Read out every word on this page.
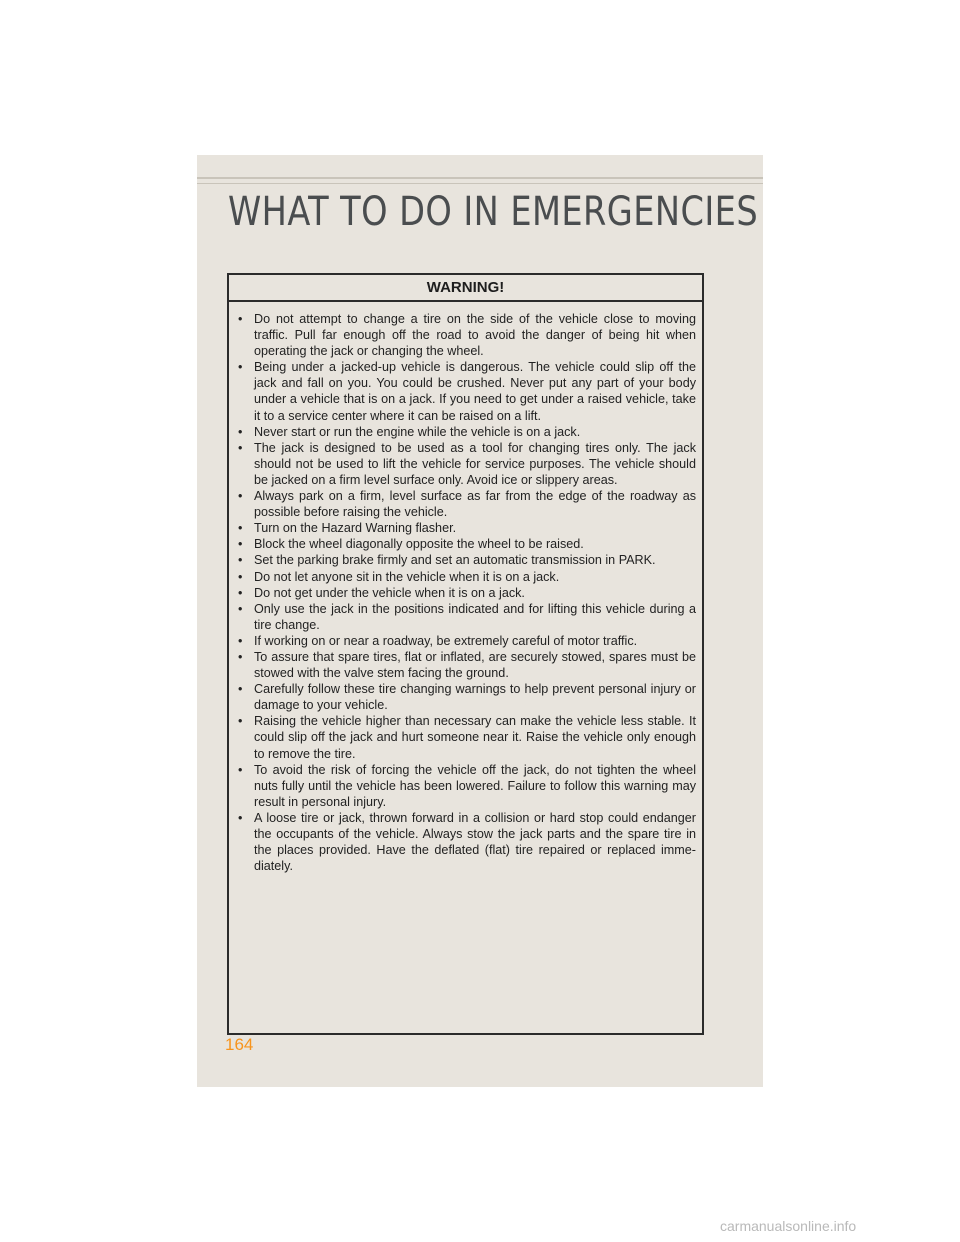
WHAT TO DO IN EMERGENCIES
WARNING!
• Do not attempt to change a tire on the side of the vehicle close to moving traffic. Pull far enough off the road to avoid the danger of being hit when operating the jack or changing the wheel.
• Being under a jacked-up vehicle is dangerous. The vehicle could slip off the jack and fall on you. You could be crushed. Never put any part of your body under a vehicle that is on a jack. If you need to get under a raised vehicle, take it to a service center where it can be raised on a lift.
• Never start or run the engine while the vehicle is on a jack.
• The jack is designed to be used as a tool for changing tires only. The jack should not be used to lift the vehicle for service purposes. The vehicle should be jacked on a firm level surface only. Avoid ice or slippery areas.
• Always park on a firm, level surface as far from the edge of the roadway as possible before raising the vehicle.
• Turn on the Hazard Warning flasher.
• Block the wheel diagonally opposite the wheel to be raised.
• Set the parking brake firmly and set an automatic transmission in PARK.
• Do not let anyone sit in the vehicle when it is on a jack.
• Do not get under the vehicle when it is on a jack.
• Only use the jack in the positions indicated and for lifting this vehicle during a tire change.
• If working on or near a roadway, be extremely careful of motor traffic.
• To assure that spare tires, flat or inflated, are securely stowed, spares must be stowed with the valve stem facing the ground.
• Carefully follow these tire changing warnings to help prevent personal injury or damage to your vehicle.
• Raising the vehicle higher than necessary can make the vehicle less stable. It could slip off the jack and hurt someone near it. Raise the vehicle only enough to remove the tire.
• To avoid the risk of forcing the vehicle off the jack, do not tighten the wheel nuts fully until the vehicle has been lowered. Failure to follow this warning may result in personal injury.
• A loose tire or jack, thrown forward in a collision or hard stop could endanger the occupants of the vehicle. Always stow the jack parts and the spare tire in the places provided. Have the deflated (flat) tire repaired or replaced imme-diately.
164
carmanualsonline.info
